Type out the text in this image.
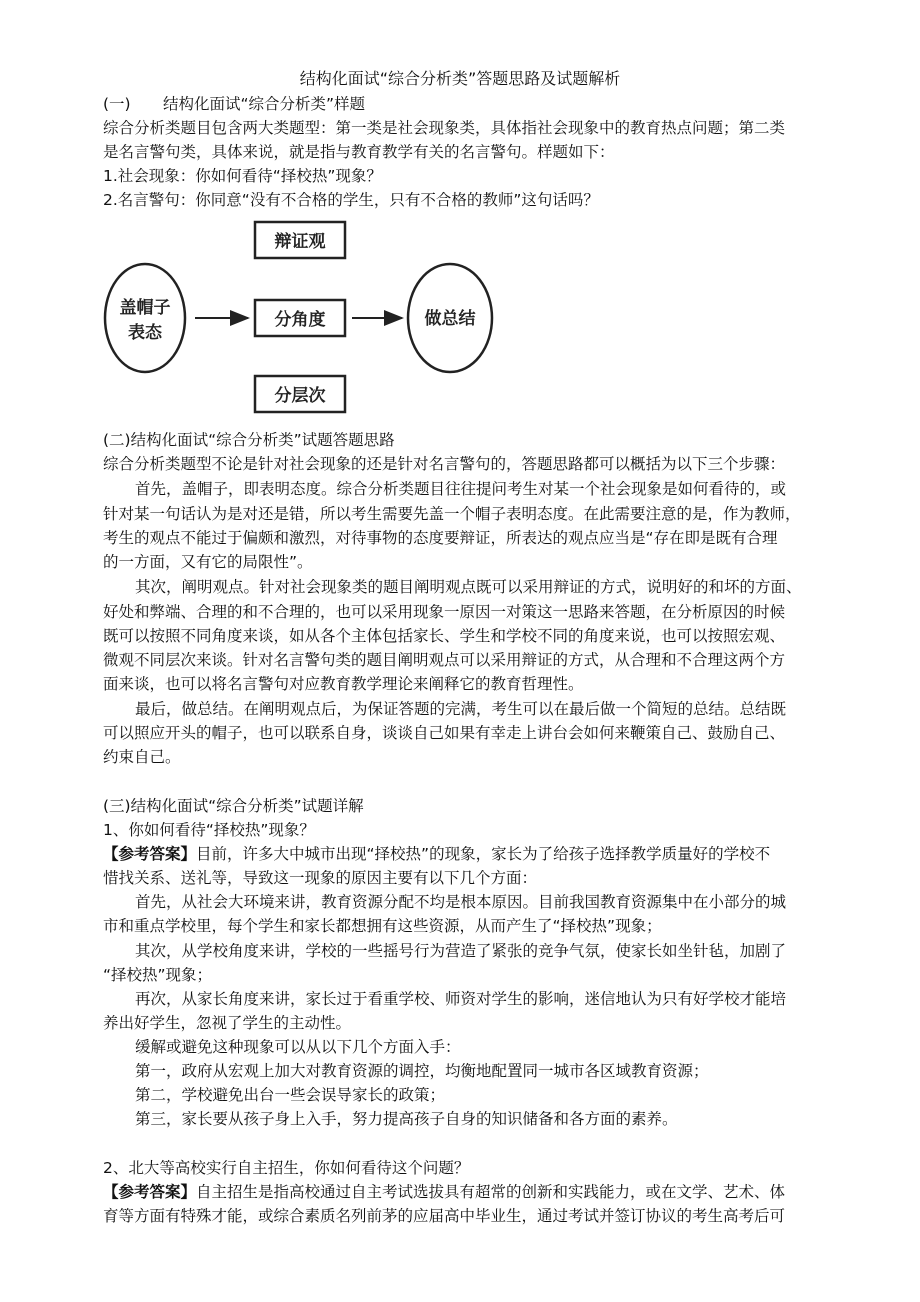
结构化面试“综合分析类”答题思路及试题解析
(一) 结构化面试“综合分析类”样题
综合分析类题目包含两大类题型：第一类是社会现象类，具体指社会现象中的教育热点问题；第二类
是名言警句类，具体来说，就是指与教育教学有关的名言警句。样题如下：
1.社会现象：你如何看待“择校热”现象？
2.名言警句：你同意“没有不合格的学生，只有不合格的教师”这句话吗？
盖帽子
表态
辩证观
分角度
分层次
做总结
(二)结构化面试“综合分析类”试题答题思路
综合分析类题型不论是针对社会现象的还是针对名言警句的，答题思路都可以概括为以下三个步骤：
首先，盖帽子，即表明态度。综合分析类题目往往提问考生对某一个社会现象是如何看待的，或
针对某一句话认为是对还是错，所以考生需要先盖一个帽子表明态度。在此需要注意的是，作为教师，
考生的观点不能过于偏颇和激烈，对待事物的态度要辩证，所表达的观点应当是“存在即是既有合理
的一方面，又有它的局限性”。
其次，阐明观点。针对社会现象类的题目阐明观点既可以采用辩证的方式，说明好的和坏的方面、
好处和弊端、合理的和不合理的，也可以采用现象一原因一对策这一思路来答题，在分析原因的时候
既可以按照不同角度来谈，如从各个主体包括家长、学生和学校不同的角度来说，也可以按照宏观、
微观不同层次来谈。针对名言警句类的题目阐明观点可以采用辩证的方式，从合理和不合理这两个方
面来谈，也可以将名言警句对应教育教学理论来阐释它的教育哲理性。
最后，做总结。在阐明观点后，为保证答题的完满，考生可以在最后做一个简短的总结。总结既
可以照应开头的帽子，也可以联系自身，谈谈自己如果有幸走上讲台会如何来鞭策自己、鼓励自己、
约束自己。
(三)结构化面试“综合分析类”试题详解
1、你如何看待“择校热”现象？
【参考答案】目前，许多大中城市出现“择校热”的现象，家长为了给孩子选择教学质量好的学校不
惜找关系、送礼等，导致这一现象的原因主要有以下几个方面：
首先，从社会大环境来讲，教育资源分配不均是根本原因。目前我国教育资源集中在小部分的城
市和重点学校里，每个学生和家长都想拥有这些资源，从而产生了“择校热”现象；
其次，从学校角度来讲，学校的一些摇号行为营造了紧张的竞争气氛，使家长如坐针毡，加剧了
“择校热”现象；
再次，从家长角度来讲，家长过于看重学校、师资对学生的影响，迷信地认为只有好学校才能培
养出好学生，忽视了学生的主动性。
缓解或避免这种现象可以从以下几个方面入手：
第一，政府从宏观上加大对教育资源的调控，均衡地配置同一城市各区域教育资源；
第二，学校避免出台一些会误导家长的政策；
第三，家长要从孩子身上入手，努力提高孩子自身的知识储备和各方面的素养。
2、北大等高校实行自主招生，你如何看待这个问题？
【参考答案】自主招生是指高校通过自主考试选拔具有超常的创新和实践能力，或在文学、艺术、体
育等方面有特殊才能，或综合素质名列前茅的应届高中毕业生，通过考试并签订协议的考生高考后可
